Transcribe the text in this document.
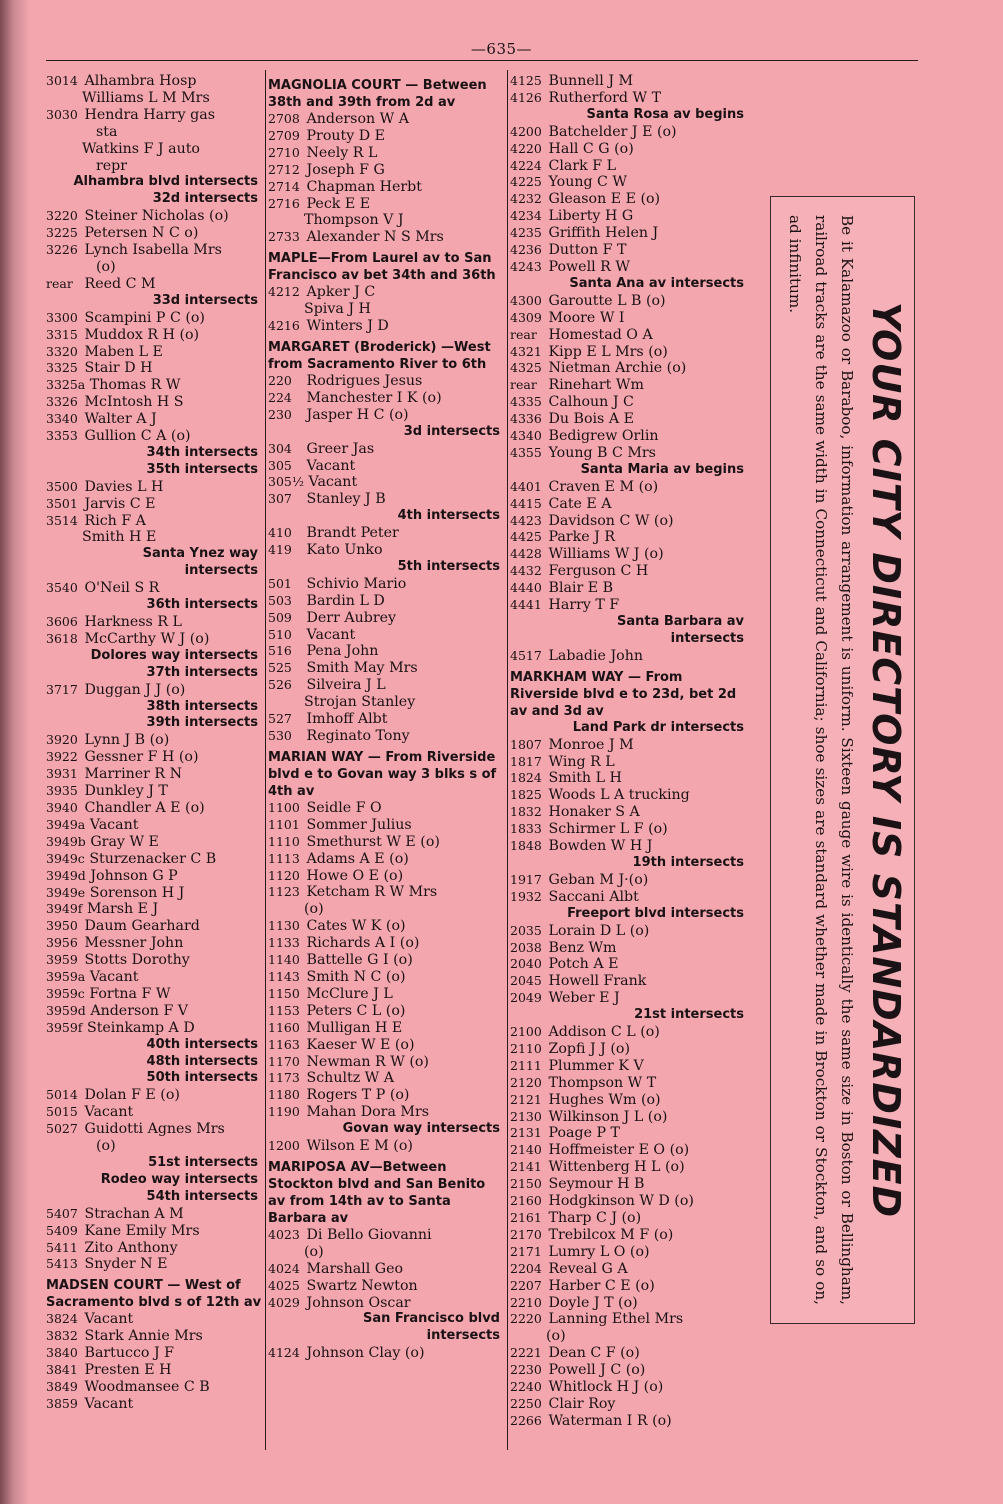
—635—
3014 Alhambra Hosp
Williams L M Mrs
3030 Hendra Harry gas
sta
Watkins F J auto
repr
Alhambra blvd intersects
32d intersects
3220 Steiner Nicholas (o)
3225 Petersen N C o)
3226 Lynch Isabella Mrs
(o)
rear Reed C M
33d intersects
3300 Scampini P C (o)
3315 Muddox R H (o)
3320 Maben L E
3325 Stair D H
3325a Thomas R W
3326 McIntosh H S
3340 Walter A J
3353 Gullion C A (o)
34th intersects
35th intersects
3500 Davies L H
3501 Jarvis C E
3514 Rich F A
Smith H E
Santa Ynez way
intersects
3540 O'Neil S R
36th intersects
3606 Harkness R L
3618 McCarthy W J (o)
Dolores way intersects
37th intersects
3717 Duggan J J (o)
38th intersects
39th intersects
3920 Lynn J B (o)
3922 Gessner F H (o)
3931 Marriner R N
3935 Dunkley J T
3940 Chandler A E (o)
3949a Vacant
3949b Gray W E
3949c Sturzenacker C B
3949d Johnson G P
3949e Sorenson H J
3949f Marsh E J
3950 Daum Gearhard
3956 Messner John
3959 Stotts Dorothy
3959a Vacant
3959c Fortna F W
3959d Anderson F V
3959f Steinkamp A D
40th intersects
48th intersects
50th intersects
5014 Dolan F E (o)
5015 Vacant
5027 Guidotti Agnes Mrs
(o)
51st intersects
Rodeo way intersects
54th intersects
5407 Strachan A M
5409 Kane Emily Mrs
5411 Zito Anthony
5413 Snyder N E
MADSEN COURT — West of Sacramento blvd s of 12th av
3824 Vacant
3832 Stark Annie Mrs
3840 Bartucco J F
3841 Presten E H
3849 Woodmansee C B
3859 Vacant
MAGNOLIA COURT — Between 38th and 39th from 2d av
2708 Anderson W A
2709 Prouty D E
2710 Neely R L
2712 Joseph F G
2714 Chapman Herbt
2716 Peck E E
Thompson V J
2733 Alexander N S Mrs
MAPLE—From Laurel av to San Francisco av bet 34th and 36th
4212 Apker J C
Spiva J H
4216 Winters J D
MARGARET (Broderick) —West from Sacramento River to 6th
220 Rodrigues Jesus
224 Manchester I K (o)
230 Jasper H C (o)
3d intersects
304 Greer Jas
305 Vacant
305½ Vacant
307 Stanley J B
4th intersects
410 Brandt Peter
419 Kato Unko
5th intersects
501 Schivio Mario
503 Bardin L D
509 Derr Aubrey
510 Vacant
516 Pena John
525 Smith May Mrs
526 Silveira J L
Strojan Stanley
527 Imhoff Albt
530 Reginato Tony
MARIAN WAY — From Riverside blvd e to Govan way 3 blks s of 4th av
1100 Seidle F O
1101 Sommer Julius
1110 Smethurst W E (o)
1113 Adams A E (o)
1120 Howe O E (o)
1123 Ketcham R W Mrs
(o)
1130 Cates W K (o)
1133 Richards A I (o)
1140 Battelle G I (o)
1143 Smith N C (o)
1150 McClure J L
1153 Peters C L (o)
1160 Mulligan H E
1163 Kaeser W E (o)
1170 Newman R W (o)
1173 Schultz W A
1180 Rogers T P (o)
1190 Mahan Dora Mrs
Govan way intersects
1200 Wilson E M (o)
MARIPOSA AV—Between Stockton blvd and San Benito av from 14th av to Santa Barbara av
4023 Di Bello Giovanni
(o)
4024 Marshall Geo
4025 Swartz Newton
4029 Johnson Oscar
San Francisco blvd
intersects
4124 Johnson Clay (o)
4125 Bunnell J M
4126 Rutherford W T
Santa Rosa av begins
4200 Batchelder J E (o)
4220 Hall C G (o)
4224 Clark F L
4225 Young C W
4232 Gleason E E (o)
4234 Liberty H G
4235 Griffith Helen J
4236 Dutton F T
4243 Powell R W
Santa Ana av intersects
4300 Garoutte L B (o)
4309 Moore W I
rear Homestad O A
4321 Kipp E L Mrs (o)
4325 Nietman Archie (o)
rear Rinehart Wm
4335 Calhoun J C
4336 Du Bois A E
4340 Bedigrew Orlin
4355 Young B C Mrs
Santa Maria av begins
4401 Craven E M (o)
4415 Cate E A
4423 Davidson C W (o)
4425 Parke J R
4428 Williams W J (o)
4432 Ferguson C H
4440 Blair E B
4441 Harry T F
Santa Barbara av
intersects
4517 Labadie John
MARKHAM WAY — From Riverside blvd e to 23d, bet 2d av and 3d av
Land Park dr intersects
1807 Monroe J M
1817 Wing R L
1824 Smith L H
1825 Woods L A trucking
1832 Honaker S A
1833 Schirmer L F (o)
1848 Bowden W H J
19th intersects
1917 Geban M J·(o)
1932 Saccani Albt
Freeport blvd intersects
2035 Lorain D L (o)
2038 Benz Wm
2040 Potch A E
2045 Howell Frank
2049 Weber E J
21st intersects
2100 Addison C L (o)
2110 Zopfi J J (o)
2111 Plummer K V
2120 Thompson W T
2121 Hughes Wm (o)
2130 Wilkinson J L (o)
2131 Poage P T
2140 Hoffmeister E O (o)
2141 Wittenberg H L (o)
2150 Seymour H B
2160 Hodgkinson W D (o)
2161 Tharp C J (o)
2170 Trebilcox M F (o)
2171 Lumry L O (o)
2204 Reveal G A
2207 Harber C E (o)
2210 Doyle J T (o)
2220 Lanning Ethel Mrs
(o)
2221 Dean C F (o)
2230 Powell J C (o)
2240 Whitlock H J (o)
2250 Clair Roy
2266 Waterman I R (o)
YOUR CITY DIRECTORY IS STANDARDIZED
Be it Kalamazoo or Baraboo, information arrangement is uniform. Sixteen gauge wire is identically the same size in Boston or Bellingham, railroad tracks are the same width in Connecticut and California; shoe sizes are standard whether made in Brockton or Stockton, and so on, ad infinitum.
